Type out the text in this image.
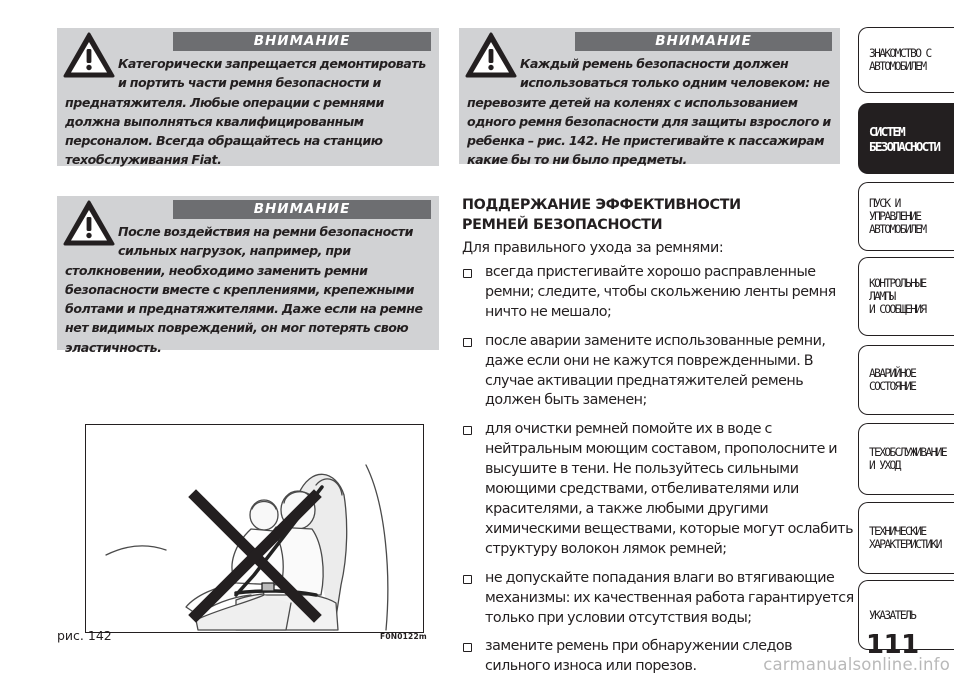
ВНИМАНИЕ
Категорически запрещается демонтировать и портить части ремня безопасности и преднатяжителя. Любые операции с ремнями должна выполняться квалифицированным персоналом. Всегда обращайтесь на станцию техобслуживания Fiat.
ВНИМАНИЕ
После воздействия на ремни безопасности сильных нагрузок, например, при столкновении, необходимо заменить ремни безопасности вместе с креплениями, крепежными болтами и преднатяжителями. Даже если на ремне нет видимых повреждений, он мог потерять свою эластичность.
ВНИМАНИЕ
Каждый ремень безопасности должен использоваться только одним человеком: не перевозите детей на коленях с использованием одного ремня безопасности для защиты взрослого и ребенка – рис. 142. Не пристегивайте к пассажирам какие бы то ни было предметы.
ПОДДЕРЖАНИЕ ЭФФЕКТИВНОСТИ РЕМНЕЙ БЕЗОПАСНОСТИ
Для правильного ухода за ремнями:
всегда пристегивайте хорошо расправленные ремни; следите, чтобы скольжению ленты ремня ничто не мешало;
после аварии замените использованные ремни, даже если они не кажутся поврежденными. В случае активации преднатяжителей ремень должен быть заменен;
для очистки ремней помойте их в воде с нейтральным моющим составом, прополосните и высушите в тени. Не пользуйтесь сильными моющими средствами, отбеливателями или красителями, а также любыми другими химическими веществами, которые могут ослабить структуру волокон лямок ремней;
не допускайте попадания влаги во втягивающие механизмы: их качественная работа гарантируется только при условии отсутствия воды;
замените ремень при обнаружении следов сильного износа или порезов.
рис. 142	F0N0122m
ЗНАКОМСТВО С
АВТОМОБИЛЕМ
СИСТЕМ
БЕЗОПАСНОСТИ
ПУСК И УПРАВЛЕНИЕ
АВТОМОБИЛЕМ
КОНТРОЛЬНЫЕ
ЛАМПЫ
И СООБЩЕНИЯ
АВАРИЙНОЕ
СОСТОЯНИЕ
ТЕХОБСЛУЖИВАНИЕ
И УХОД
ТЕХНИЧЕСКИЕ
ХАРАКТЕРИСТИКИ
УКАЗАТЕЛЬ
111
carmanualsonline.info
